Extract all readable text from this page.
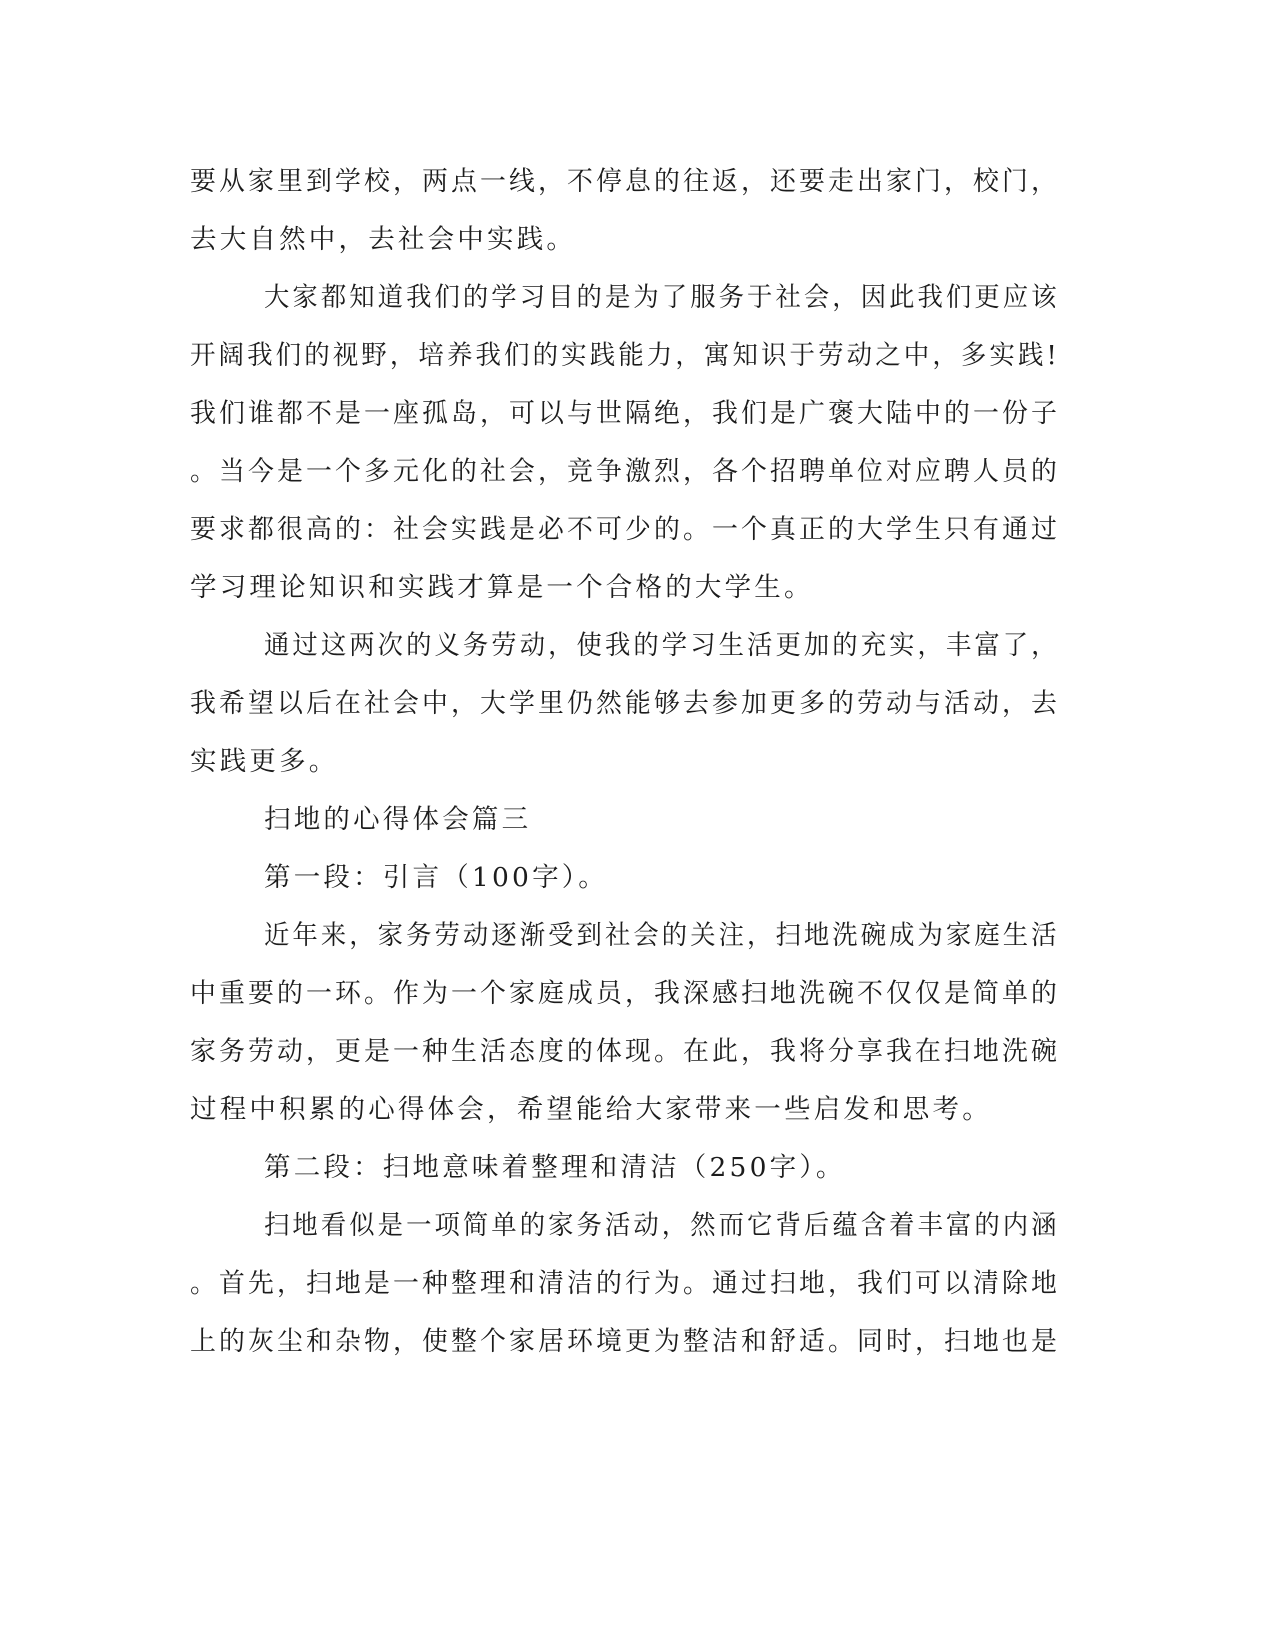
要从家里到学校，两点一线，不停息的往返，还要走出家门，校门，
去大自然中，去社会中实践。
大家都知道我们的学习目的是为了服务于社会，因此我们更应该
开阔我们的视野，培养我们的实践能力，寓知识于劳动之中，多实践!
我们谁都不是一座孤岛，可以与世隔绝，我们是广褒大陆中的一份子
。当今是一个多元化的社会，竞争激烈，各个招聘单位对应聘人员的
要求都很高的：社会实践是必不可少的。一个真正的大学生只有通过
学习理论知识和实践才算是一个合格的大学生。
通过这两次的义务劳动，使我的学习生活更加的充实，丰富了，
我希望以后在社会中，大学里仍然能够去参加更多的劳动与活动，去
实践更多。
扫地的心得体会篇三
第一段：引言（100字）。
近年来，家务劳动逐渐受到社会的关注，扫地洗碗成为家庭生活
中重要的一环。作为一个家庭成员，我深感扫地洗碗不仅仅是简单的
家务劳动，更是一种生活态度的体现。在此，我将分享我在扫地洗碗
过程中积累的心得体会，希望能给大家带来一些启发和思考。
第二段：扫地意味着整理和清洁（250字）。
扫地看似是一项简单的家务活动，然而它背后蕴含着丰富的内涵
。首先，扫地是一种整理和清洁的行为。通过扫地，我们可以清除地
上的灰尘和杂物，使整个家居环境更为整洁和舒适。同时，扫地也是
